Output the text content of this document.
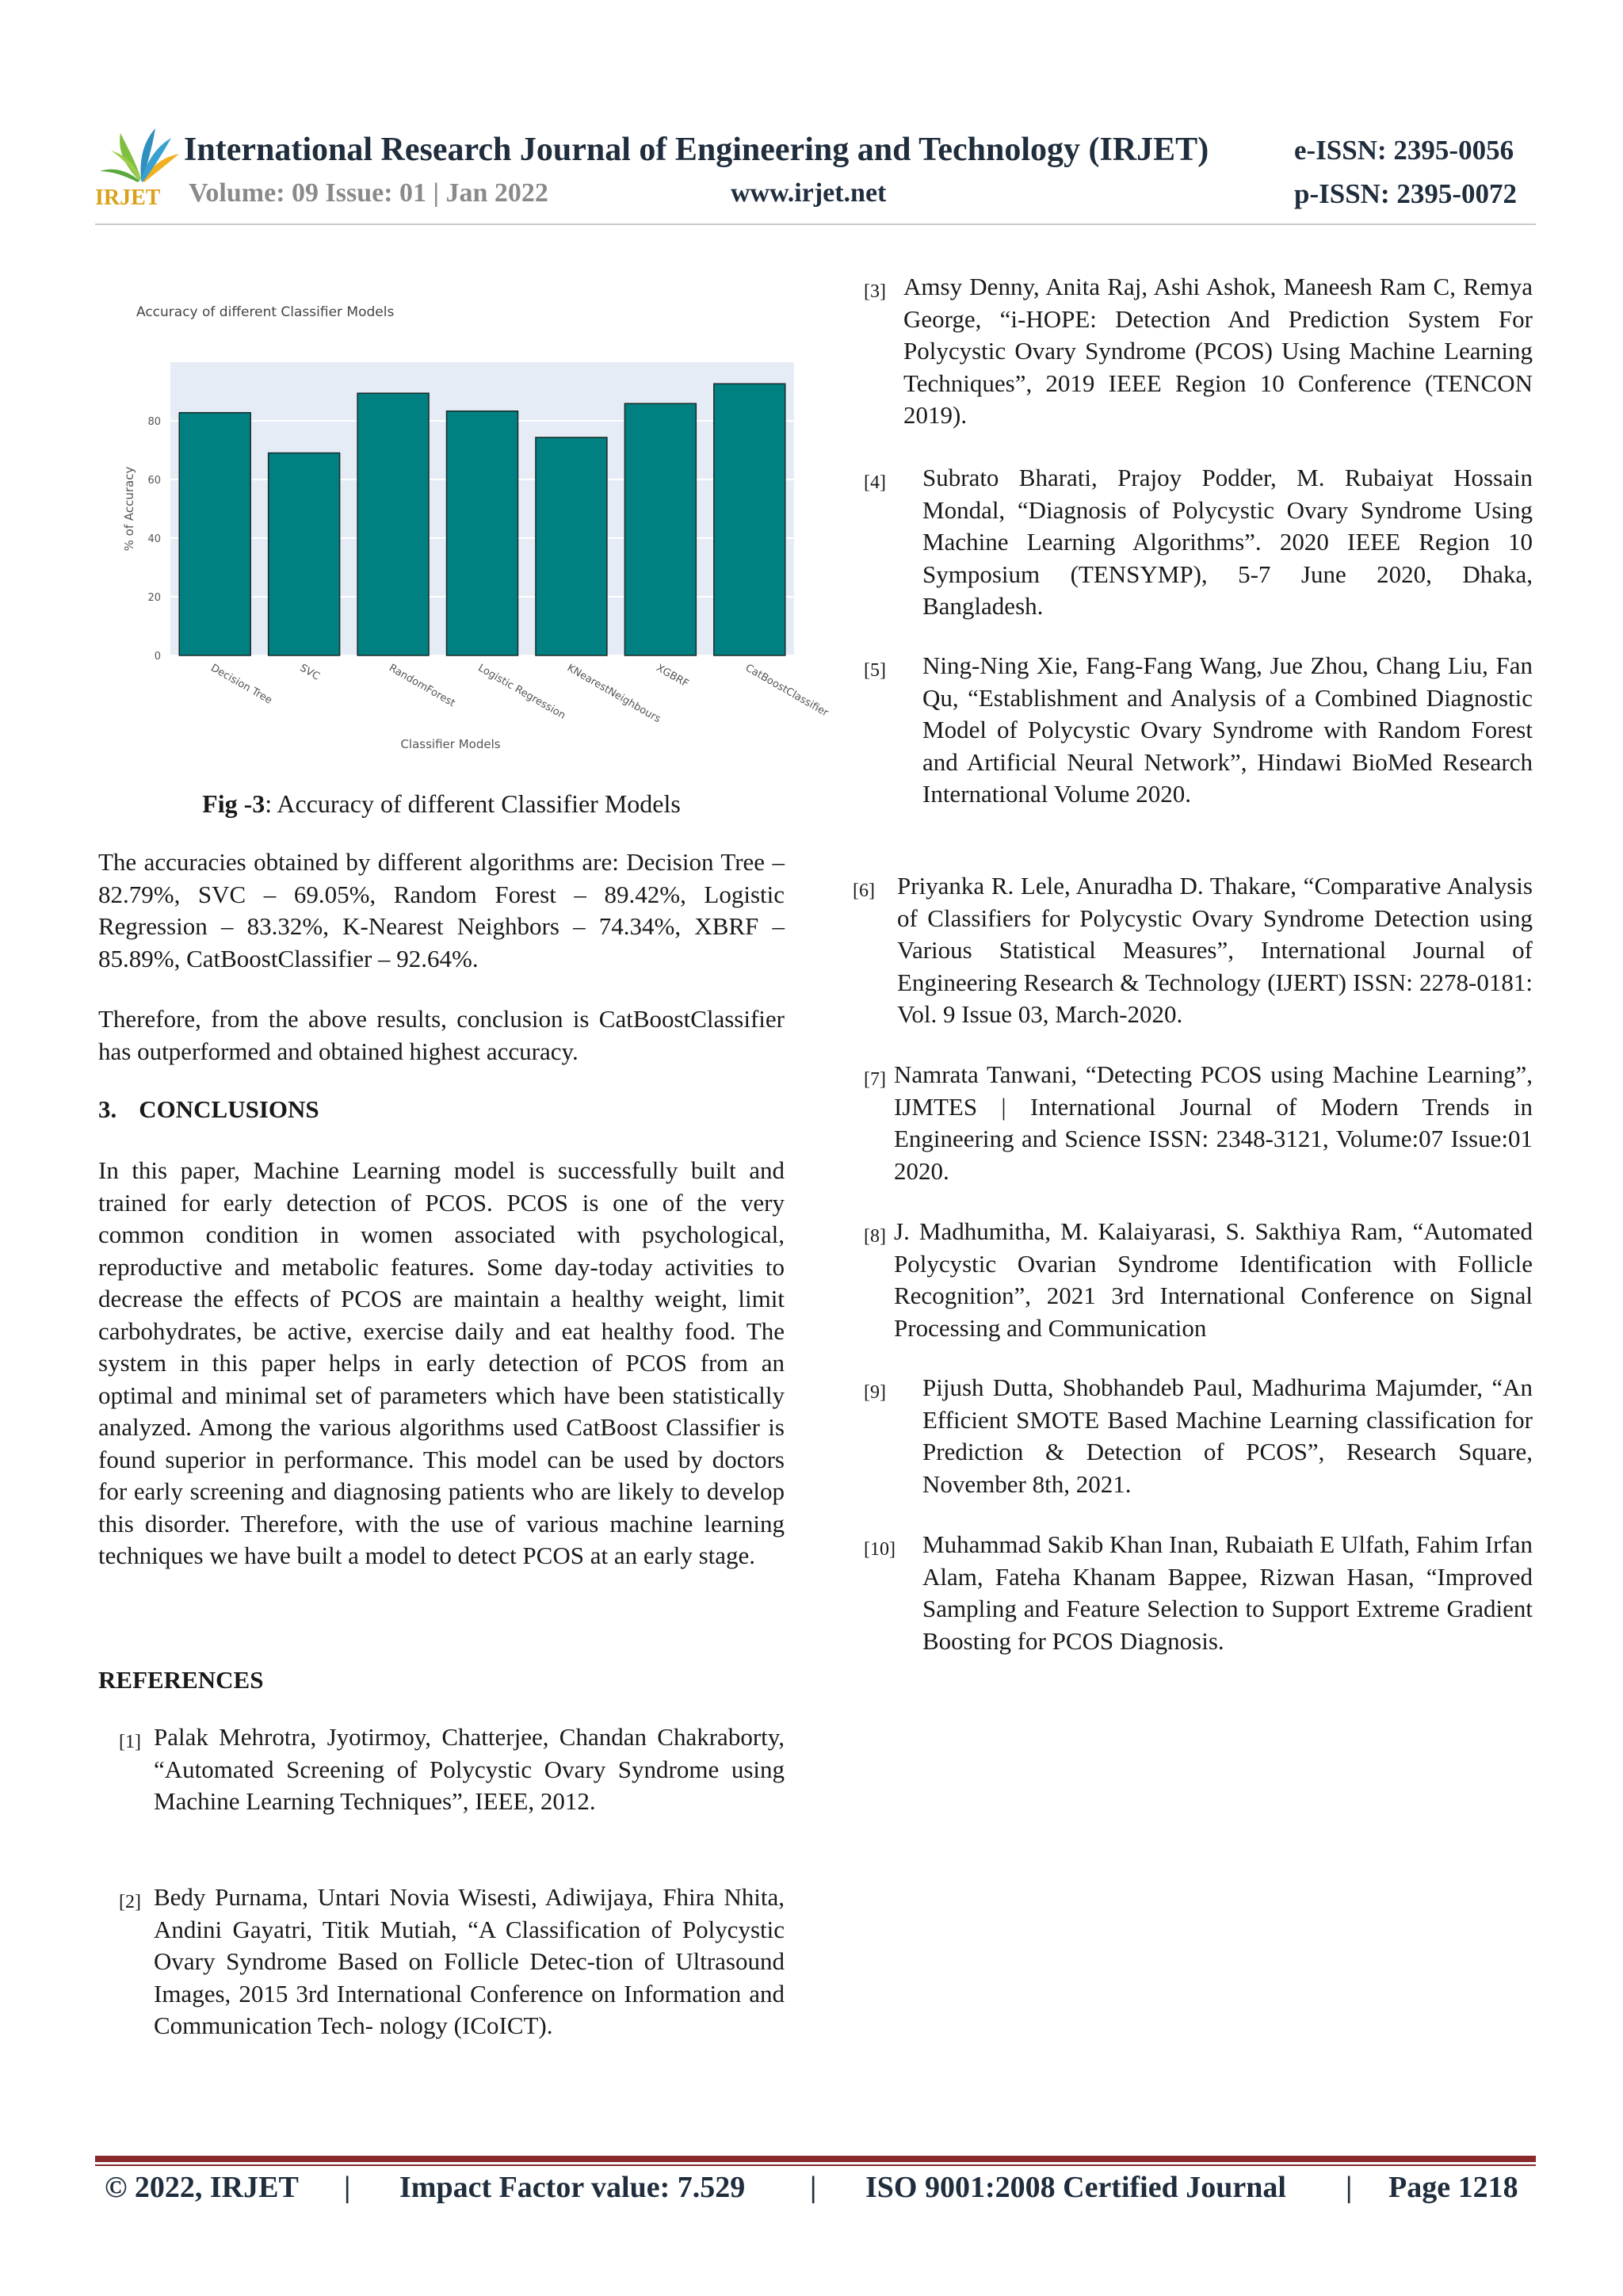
IRJET
International Research Journal of Engineering and Technology (IRJET)	e-ISSN: 2395-0056
Volume: 09 Issue: 01 | Jan 2022	www.irjet.net	p-ISSN: 2395-0072
Accuracy of different Classifier Models
Decision Tree SVC	RandomForest Logistic Regression
KNearestNeighbours
XGBRF	CatBoostClassifier
0
20
40
60
80
% of Accuracy
Classifier Models
Fig -3: Accuracy of different Classifier Models
The accuracies obtained by different algorithms are: Decision Tree – 82.79%, SVC – 69.05%, Random Forest – 89.42%, Logistic Regression – 83.32%, K-Nearest Neighbors – 74.34%, XBRF – 85.89%, CatBoostClassifier – 92.64%.
Therefore, from the above results, conclusion is CatBoostClassifier has outperformed and obtained highest accuracy.
3. CONCLUSIONS
In this paper, Machine Learning model is successfully built and trained for early detection of PCOS. PCOS is one of the very common condition in women associated with psychological, reproductive and metabolic features. Some day-today activities to decrease the effects of PCOS are maintain a healthy weight, limit carbohydrates, be active, exercise daily and eat healthy food. The system in this paper helps in early detection of PCOS from an optimal and minimal set of parameters which have been statistically analyzed. Among the various algorithms used CatBoost Classifier is found superior in performance. This model can be used by doctors for early screening and diagnosing patients who are likely to develop this disorder. Therefore, with the use of various machine learning techniques we have built a model to detect PCOS at an early stage.
REFERENCES
[1] Palak Mehrotra, Jyotirmoy, Chatterjee, Chandan Chakraborty, “Automated Screening of Polycystic Ovary Syndrome using Machine Learning Techniques”, IEEE, 2012.
[2] Bedy Purnama, Untari Novia Wisesti, Adiwijaya, Fhira Nhita, Andini Gayatri, Titik Mutiah, “A Classification of Polycystic Ovary Syndrome Based on Follicle Detec-tion of Ultrasound Images, 2015 3rd International Conference on Information and Communication Tech- nology (ICoICT).
[3] Amsy Denny, Anita Raj, Ashi Ashok, Maneesh Ram C, Remya George, “i-HOPE: Detection And Prediction System For Polycystic Ovary Syndrome (PCOS) Using Machine Learning Techniques”, 2019 IEEE Region 10 Conference (TENCON 2019).
[4]	Subrato Bharati, Prajoy Podder, M. Rubaiyat Hossain Mondal, “Diagnosis of Polycystic Ovary Syndrome Using Machine Learning Algorithms”. 2020 IEEE Region 10 Symposium (TENSYMP), 5-7 June 2020, Dhaka, Bangladesh.
[5]	Ning-Ning Xie, Fang-Fang Wang, Jue Zhou, Chang Liu, Fan Qu, “Establishment and Analysis of a Combined Diagnostic Model of Polycystic Ovary Syndrome with Random Forest and Artificial Neural Network”, Hindawi BioMed Research International Volume 2020.
[6] Priyanka R. Lele, Anuradha D. Thakare, “Comparative Analysis of Classifiers for Polycystic Ovary Syndrome Detection using Various Statistical Measures”, International Journal of Engineering Research & Technology (IJERT) ISSN: 2278-0181: Vol. 9 Issue 03, March-2020.
[7] Namrata Tanwani, “Detecting PCOS using Machine Learning”, IJMTES | International Journal of Modern Trends in Engineering and Science ISSN: 2348-3121, Volume:07 Issue:01 2020.
[8] J. Madhumitha, M. Kalaiyarasi, S. Sakthiya Ram, “Automated Polycystic Ovarian Syndrome Identification with Follicle Recognition”, 2021 3rd International Conference on Signal Processing and Communication
[9]	Pijush Dutta, Shobhandeb Paul, Madhurima Majumder, “An Efficient SMOTE Based Machine Learning classification for Prediction & Detection of PCOS”, Research Square, November 8th, 2021.
[10]	Muhammad Sakib Khan Inan, Rubaiath E Ulfath, Fahim Irfan Alam, Fateha Khanam Bappee, Rizwan Hasan, “Improved Sampling and Feature Selection to Support Extreme Gradient Boosting for PCOS Diagnosis.
© 2022, IRJET | Impact Factor value: 7.529 | ISO 9001:2008 Certified Journal | Page 1218
